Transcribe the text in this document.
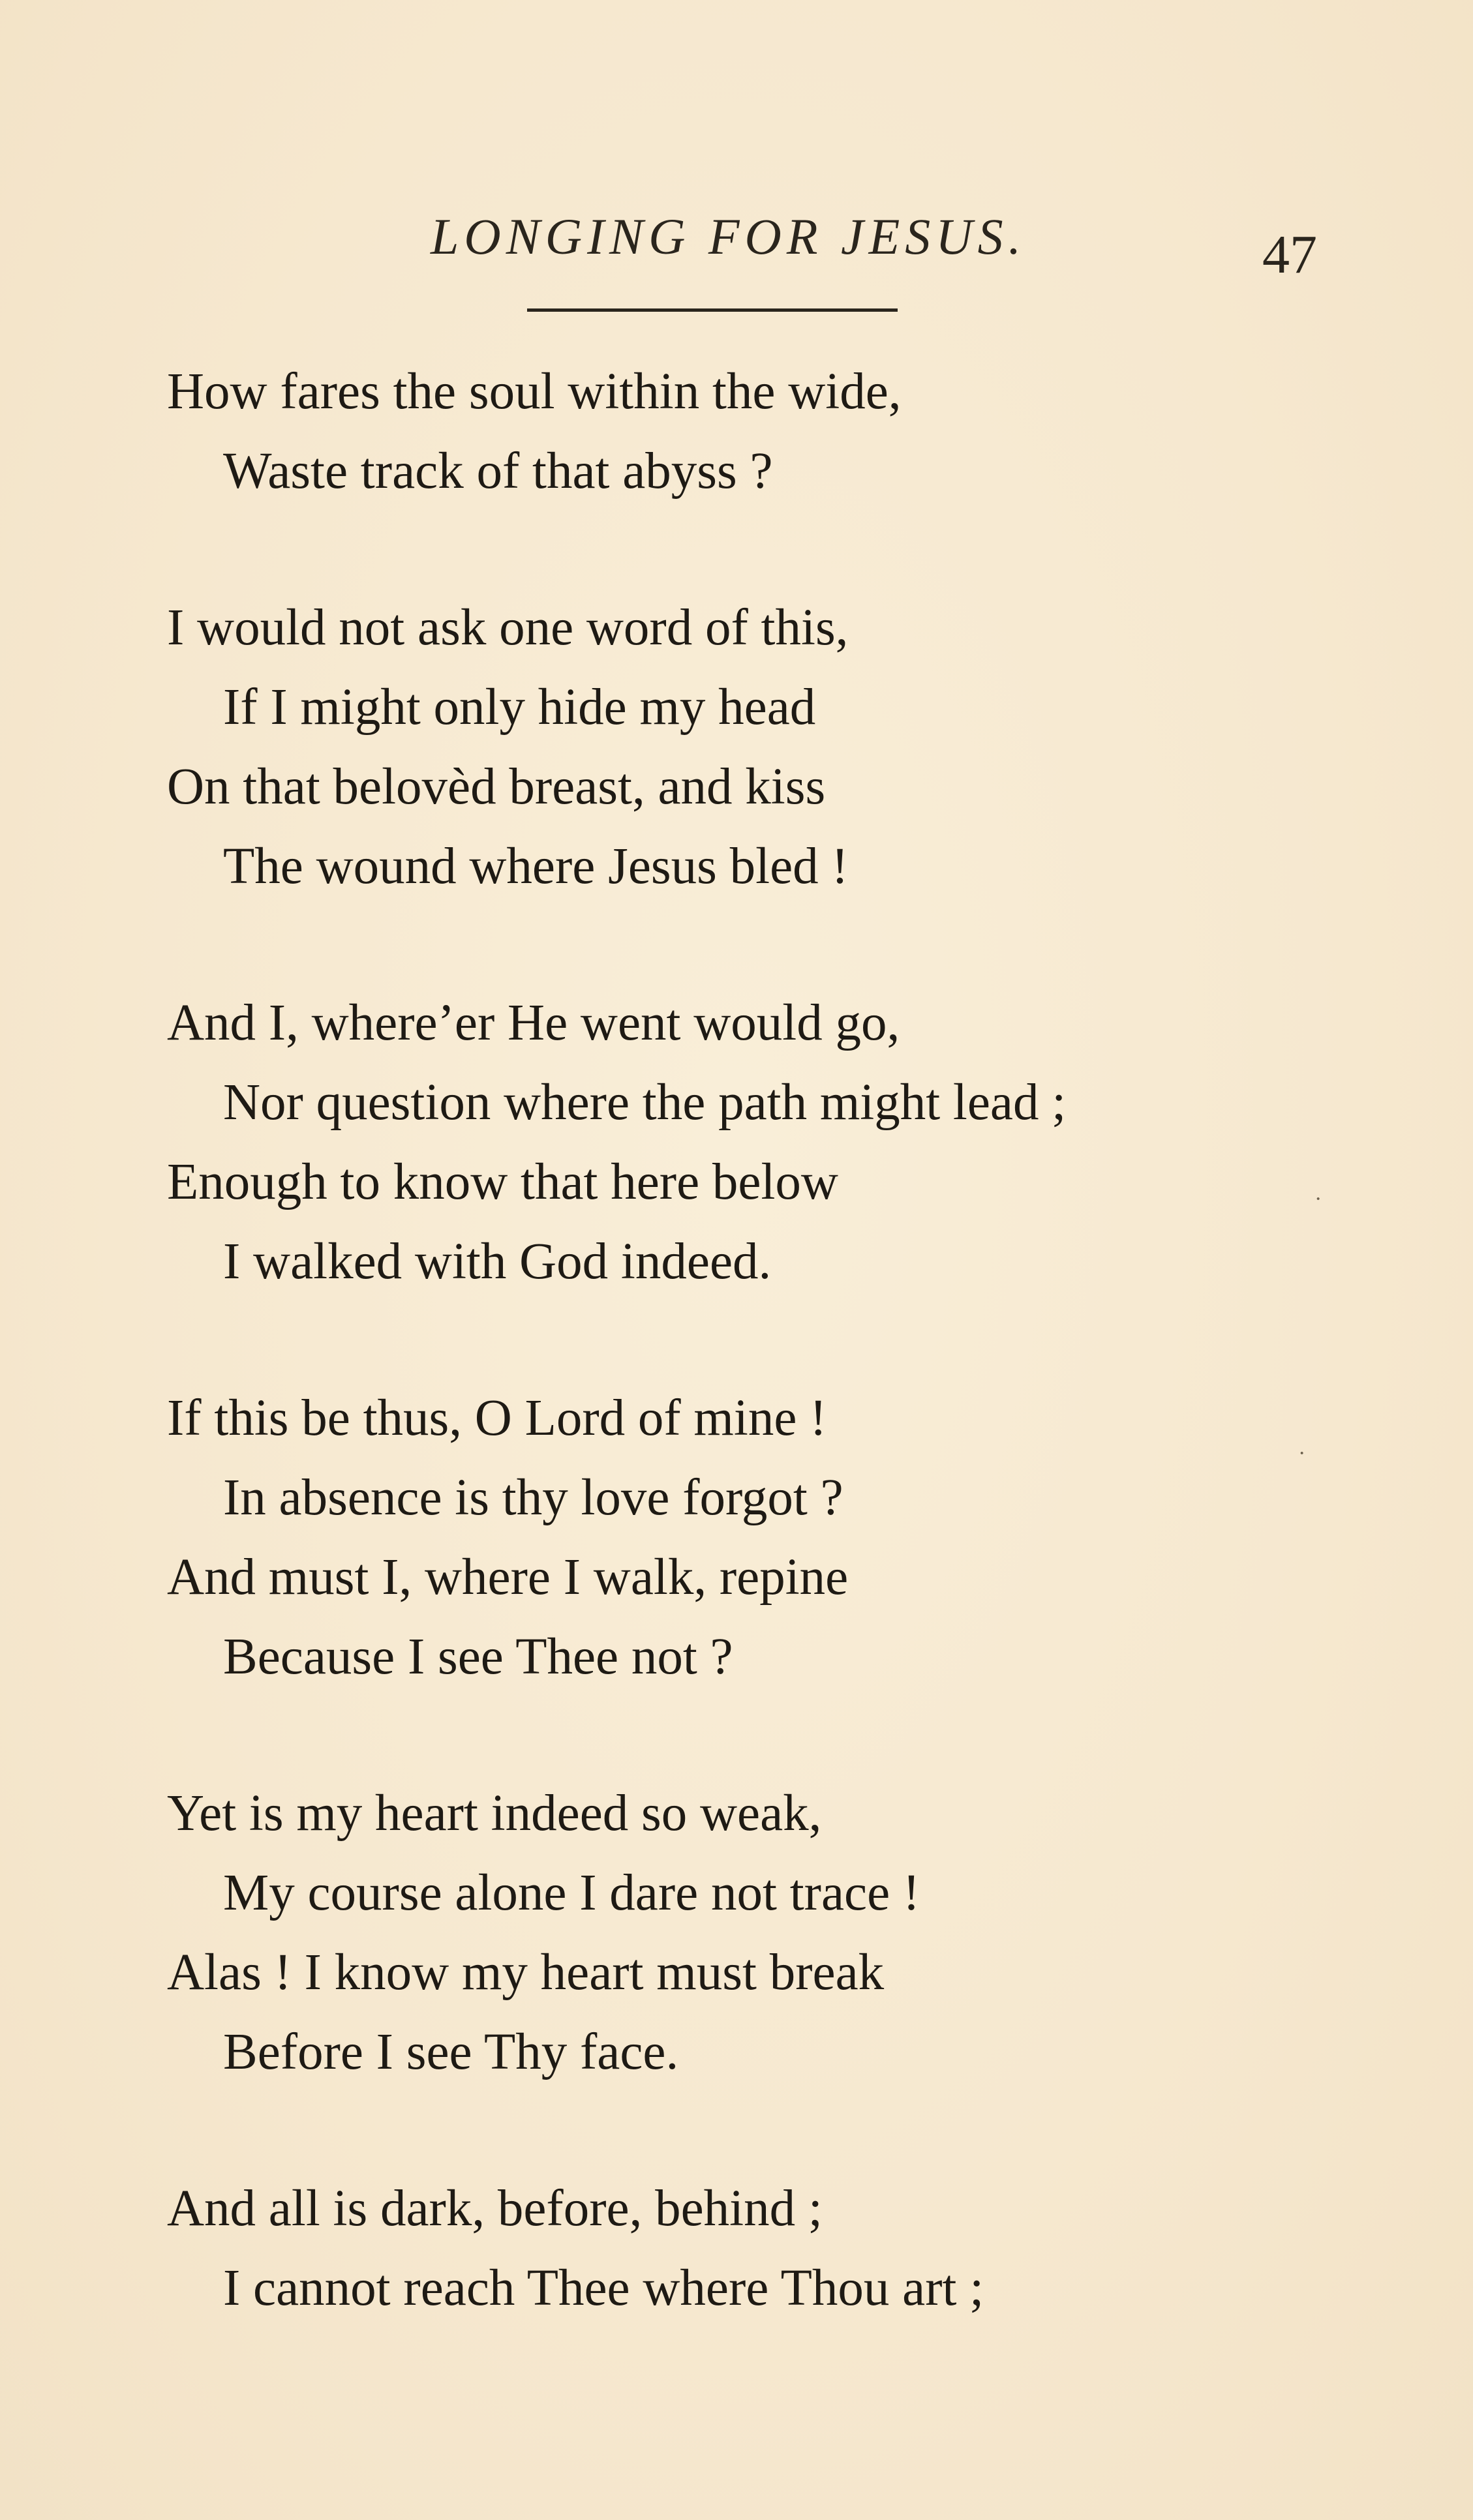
LONGING FOR JESUS.	47
How fares the soul within the wide,
Waste track of that abyss ?
I would not ask one word of this,
If I might only hide my head
On that belovèd breast, and kiss
The wound where Jesus bled !
And I, where’er He went would go,
Nor question where the path might lead ;
Enough to know that here below
I walked with God indeed.
If this be thus, O Lord of mine !
In absence is thy love forgot ?
And must I, where I walk, repine
Because I see Thee not ?
Yet is my heart indeed so weak,
My course alone I dare not trace !
Alas ! I know my heart must break
Before I see Thy face.
And all is dark, before, behind ;
I cannot reach Thee where Thou art ;
·
·
